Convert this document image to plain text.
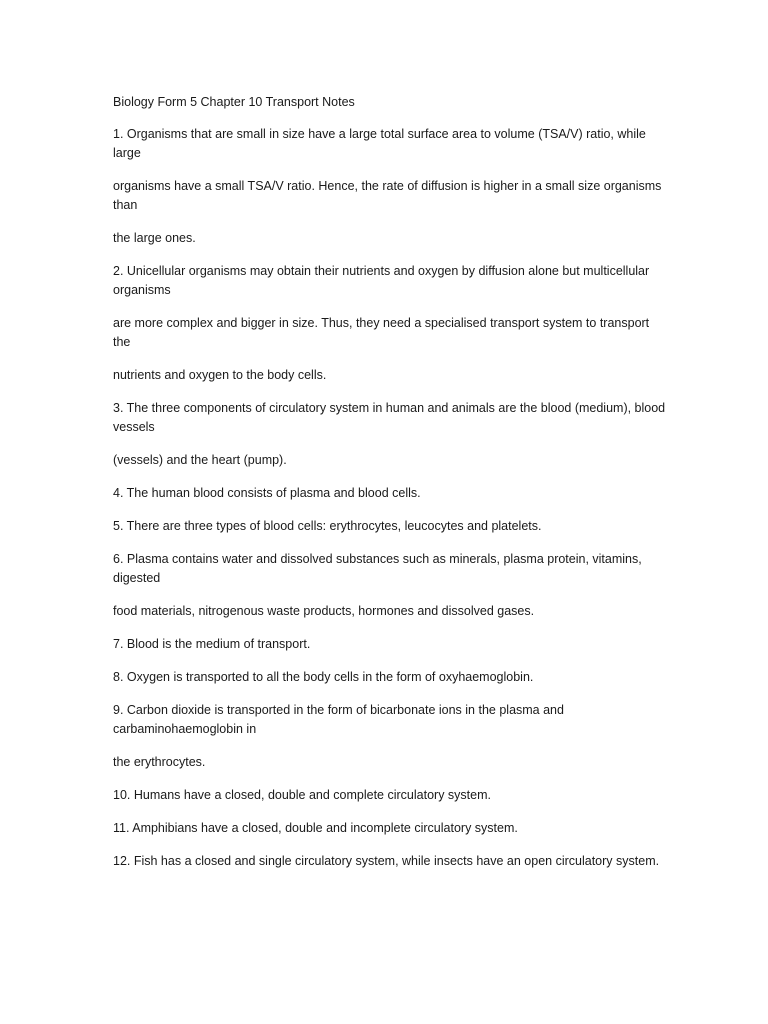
Biology Form 5 Chapter 10 Transport Notes

1. Organisms that are small in size have a large total surface area to volume (TSA/V) ratio, while large

organisms have a small TSA/V ratio. Hence, the rate of diffusion is higher in a small size organisms than

the large ones.

2. Unicellular organisms may obtain their nutrients and oxygen by diffusion alone but multicellular organisms

are more complex and bigger in size. Thus, they need a specialised transport system to transport the

nutrients and oxygen to the body cells.

3. The three components of circulatory system in human and animals are the blood (medium), blood vessels

(vessels) and the heart (pump).

4. The human blood consists of plasma and blood cells.

5. There are three types of blood cells: erythrocytes, leucocytes and platelets.

6. Plasma contains water and dissolved substances such as minerals, plasma protein, vitamins, digested

food materials, nitrogenous waste products, hormones and dissolved gases.

7. Blood is the medium of transport.

8. Oxygen is transported to all the body cells in the form of oxyhaemoglobin.

9. Carbon dioxide is transported in the form of bicarbonate ions in the plasma and carbaminohaemoglobin in

the erythrocytes.

10. Humans have a closed, double and complete circulatory system.

11. Amphibians have a closed, double and incomplete circulatory system.

12. Fish has a closed and single circulatory system, while insects have an open circulatory system.
